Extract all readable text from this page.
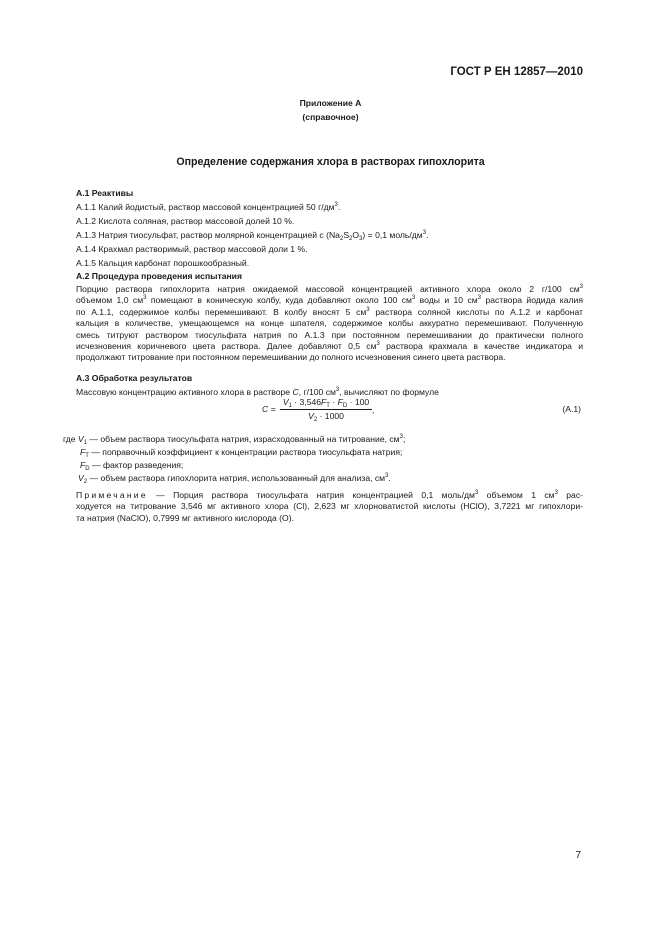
ГОСТ Р ЕН 12857—2010
Приложение А
(справочное)
Определение содержания хлора в растворах гипохлорита
А.1 Реактивы
А.1.1 Калий йодистый, раствор массовой концентрацией 50 $г/дм^3$.
А.1.2 Кислота соляная, раствор массовой долей 10 %.
А.1.3 Натрия тиосульфат, раствор молярной концентрацией с $(Na_2S_2O_3) = 0,1$ моль/$дм^3$.
А.1.4 Крахмал растворимый, раствор массовой доли 1 %.
А.1.5 Кальция карбонат порошкообразный.
А.2 Процедура проведения испытания
Порцию раствора гипохлорита натрия ожидаемой массовой концентрацией активного хлора около 2 г/100 $см^3$
объемом 1,0 $см^3$ помещают в коническую колбу, куда добавляют около 100 $см^3$ воды и 10 $см^3$ раствора йодида калия
по А.1.1, содержимое колбы перемешивают. В колбу вносят 5 $см^3$ раствора соляной кислоты по А.1.2 и карбонат
кальция в количестве, умещающемся на конце шпателя, содержимое колбы аккуратно перемешивают. Полученную
смесь титруют раствором тиосульфата натрия по А.1.3 при постоянном перемешивании до практически полного
исчезновения коричневого цвета раствора. Далее добавляют 0,5 $см^3$ раствора крахмала в качестве индикатора и
продолжают титрование при постоянном перемешивании до полного исчезновения синего цвета раствора.
А.3 Обработка результатов
Массовую концентрацию активного хлора в растворе C, г/100 $см^3$, вычисляют по формуле
$C = \frac{V_1 \cdot 3,546F_T \cdot F_D \cdot 100}{V_2 \cdot 1000}$ ,	(A.1)
где $V_1$ — объем раствора тиосульфата натрия, израсходованный на титрование, $см^3$;
$F_T$ — поправочный коэффициент к концентрации раствора тиосульфата натрия;
$F_D$ — фактор разведения;
$V_2$ — объем раствора гипохлорита натрия, использованный для анализа, $см^3$.
Примечание — Порция раствора тиосульфата натрия концентрацией 0,1 моль/$дм^3$ объемом 1 $см^3$ рас-
ходуется на титрование 3,546 мг активного хлора (Cl), 2,623 мг хлорноватистой кислоты (HClO), 3,7221 мг гипохлори-
та натрия (NaClO), 0,7999 мг активного кислорода (O).
7
